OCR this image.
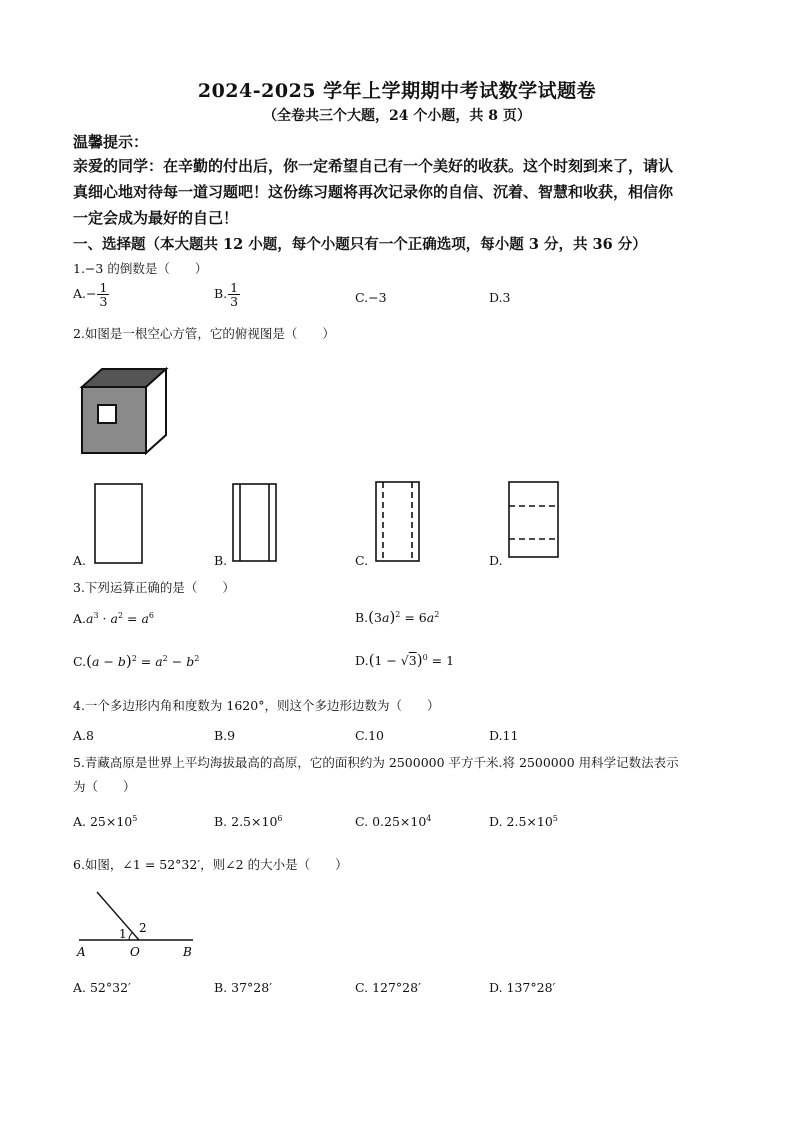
2024-2025 学年上学期期中考试数学试题卷
（全卷共三个大题，24 个小题，共 8 页）
温馨提示：
亲爱的同学：在辛勤的付出后，你一定希望自己有一个美好的收获。这个时刻到来了，请认
真细心地对待每一道习题吧！这份练习题将再次记录你的自信、沉着、智慧和收获，相信你
一定会成为最好的自己！
一、选择题（本大题共 12 小题，每个小题只有一个正确选项，每小题 3 分，共 36 分）
1.−3 的倒数是（　　）
$A.- \frac{1}{3}$	B. $\frac{1}{3}$	C.−3	D.3
2.如图是一根空心方管，它的俯视图是（　　）
A.	B.	C.	D.
3.下列运算正确的是（　　）
$A.a^3 \cdot a^2 = a^6$	$B.(3a)^2 = 6a^2$
$C.(a - b)^2 = a^2 - b^2$	$D.(1 - √3)^0 = 1$
4.一个多边形内角和度数为 1620°，则这个多边形边数为（　　）
A.8	B.9	C.10	D.11
5.青藏高原是世界上平均海拔最高的高原，它的面积约为 2500000 平方千米.将 2500000 用科学记数法表示
为（　　）
A. $25\times 10^5$	B. $2.5\times 10^6$	C. $0.25\times 10^4$	D. $2.5\times 10^5$
6.如图，∠1 = 52°32′，则∠2 的大小是（　　）
A	O	B
1 2
A. 52°32′	B. 37°28′	C. 127°28′	D. 137°28′
